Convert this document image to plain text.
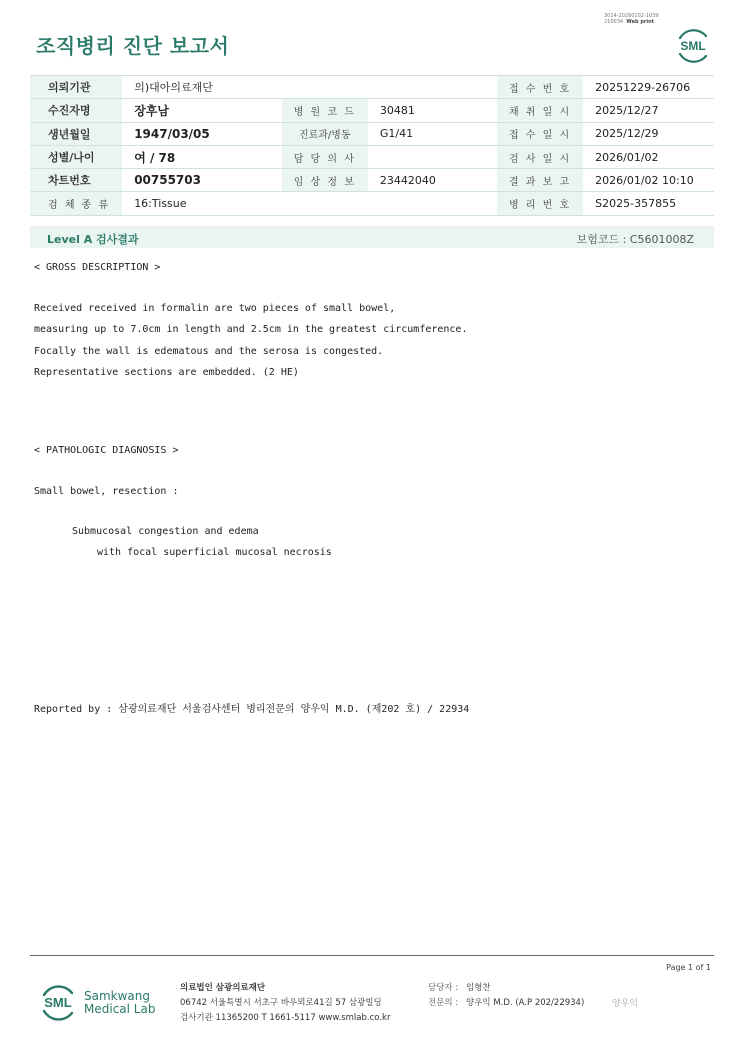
3014-20260102-1039
210034 Web print
조직병리 진단 보고서	SML
의뢰기관	의)대아의료재단			접 수 번 호	20251229-26706
수진자명	장후남	병 원 코 드	30481	채 취 일 시	2025/12/27
생년월일	1947/03/05	진료과/병동	G1/41	접 수 일 시	2025/12/29
성별/나이	여 / 78	담 당 의 사		검 사 일 시	2026/01/02
차트번호	00755703	임 상 정 보	23442040	결 과 보 고	2026/01/02 10:10
검 체 종 류	16:Tissue			병 리 번 호	S2025-357855
Level A 검사결과	보험코드 : C5601008Z
< GROSS DESCRIPTION >
Received received in formalin are two pieces of small bowel,
measuring up to 7.0cm in length and 2.5cm in the greatest circumference.
Focally the wall is edematous and the serosa is congested.
Representative sections are embedded. (2 HE)
< PATHOLOGIC DIAGNOSIS >
Small bowel, resection :
Submucosal congestion and edema
with focal superficial mucosal necrosis
Reported by : 삼광의료재단 서울검사센터 병리전문의 양우익 M.D. (제202 호) / 22934
Page 1 of 1
SML Samkwang
Medical Lab
의료법인 삼광의료재단
06742 서울특별시 서초구 바우뫼로41길 57 삼광빌딩
검사기관 11365200 T 1661-5117 www.smlab.co.kr
담당자 : 임형찬
전문의 : 양우익 M.D. (A.P 202/22934)	양우익
